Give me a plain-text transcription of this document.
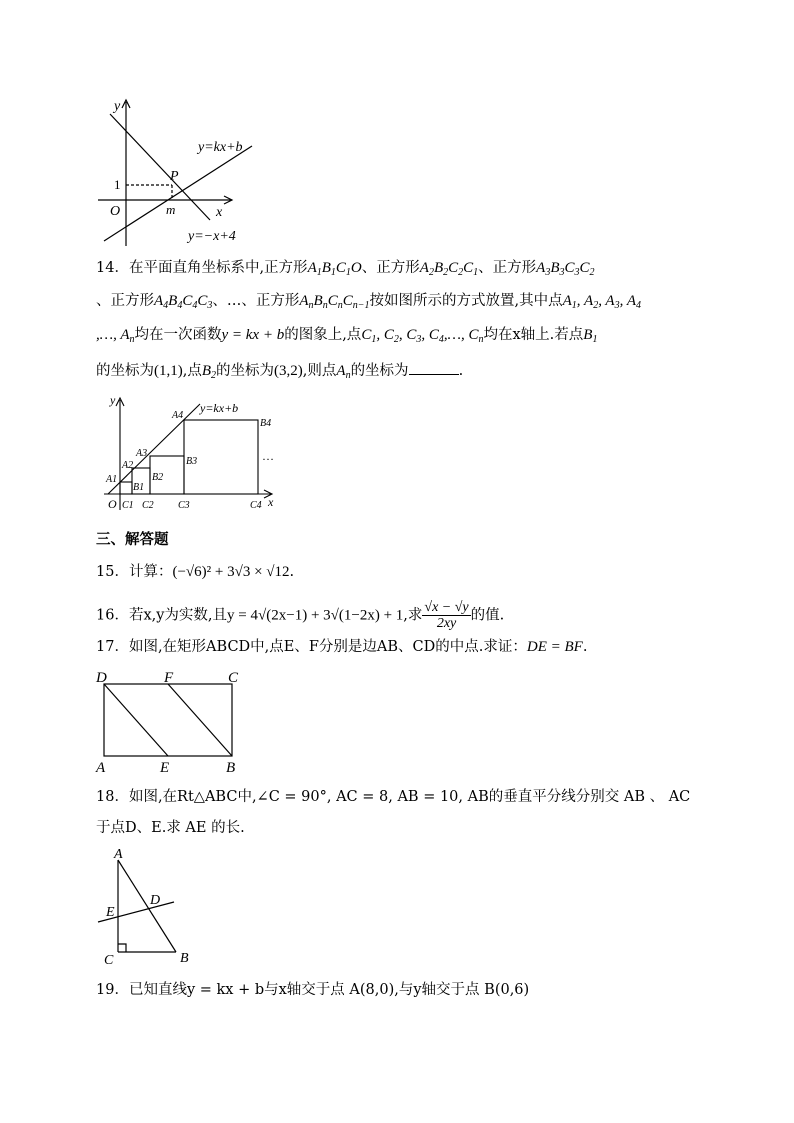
y
x
O
y=kx+b
y=−x+4
P
1
m
14．在平面直角坐标系中,正方形$A_1B_1C_1O$、正方形$A_2B_2C_2C_1$、正方形$A_3B_3C_3C_2$
、正方形$A_4B_4C_4C_3$、…、正方形$A_nB_nC_nC_{n-1}$按如图所示的方式放置,其中点$A_1$, $A_2$, $A_3$, $A_4$
,…, $A_n$均在一次函数y = kx + b的图象上,点$C_1$, $C_2$, $C_3$, $C_4,\dots$, $C_n$均在x轴上.若点$B_1$
的坐标为(1,1),点$B_2$的坐标为(3,2),则点$A_n$的坐标为	.
y
x
O
y=kx+b
…
A1
A2
A3
A4
B1
B2
B3
B4
C1 C2 C3	C4
三、解答题
15．计算：(−√6)² + 3√3 × √12.
16．若x,y为实数,且y = 4√(2x−1) + 3√(1−2x) + 1,求 $\frac{√x - √y}{2xy}$ 的值.
17．如图,在矩形ABCD中,点E、F分别是边AB、CD的中点.求证：DE = BF.
D	F	C
A	E	B
18．如图,在Rt△ABC中,∠C = 90°, AC = 8, AB = 10, AB的垂直平分线分别交 AB 、 AC
于点D、E.求 AE 的长.
A
D
E
C	B
19．已知直线y = kx + b与x轴交于点 A(8,0),与y轴交于点 B(0,6)
